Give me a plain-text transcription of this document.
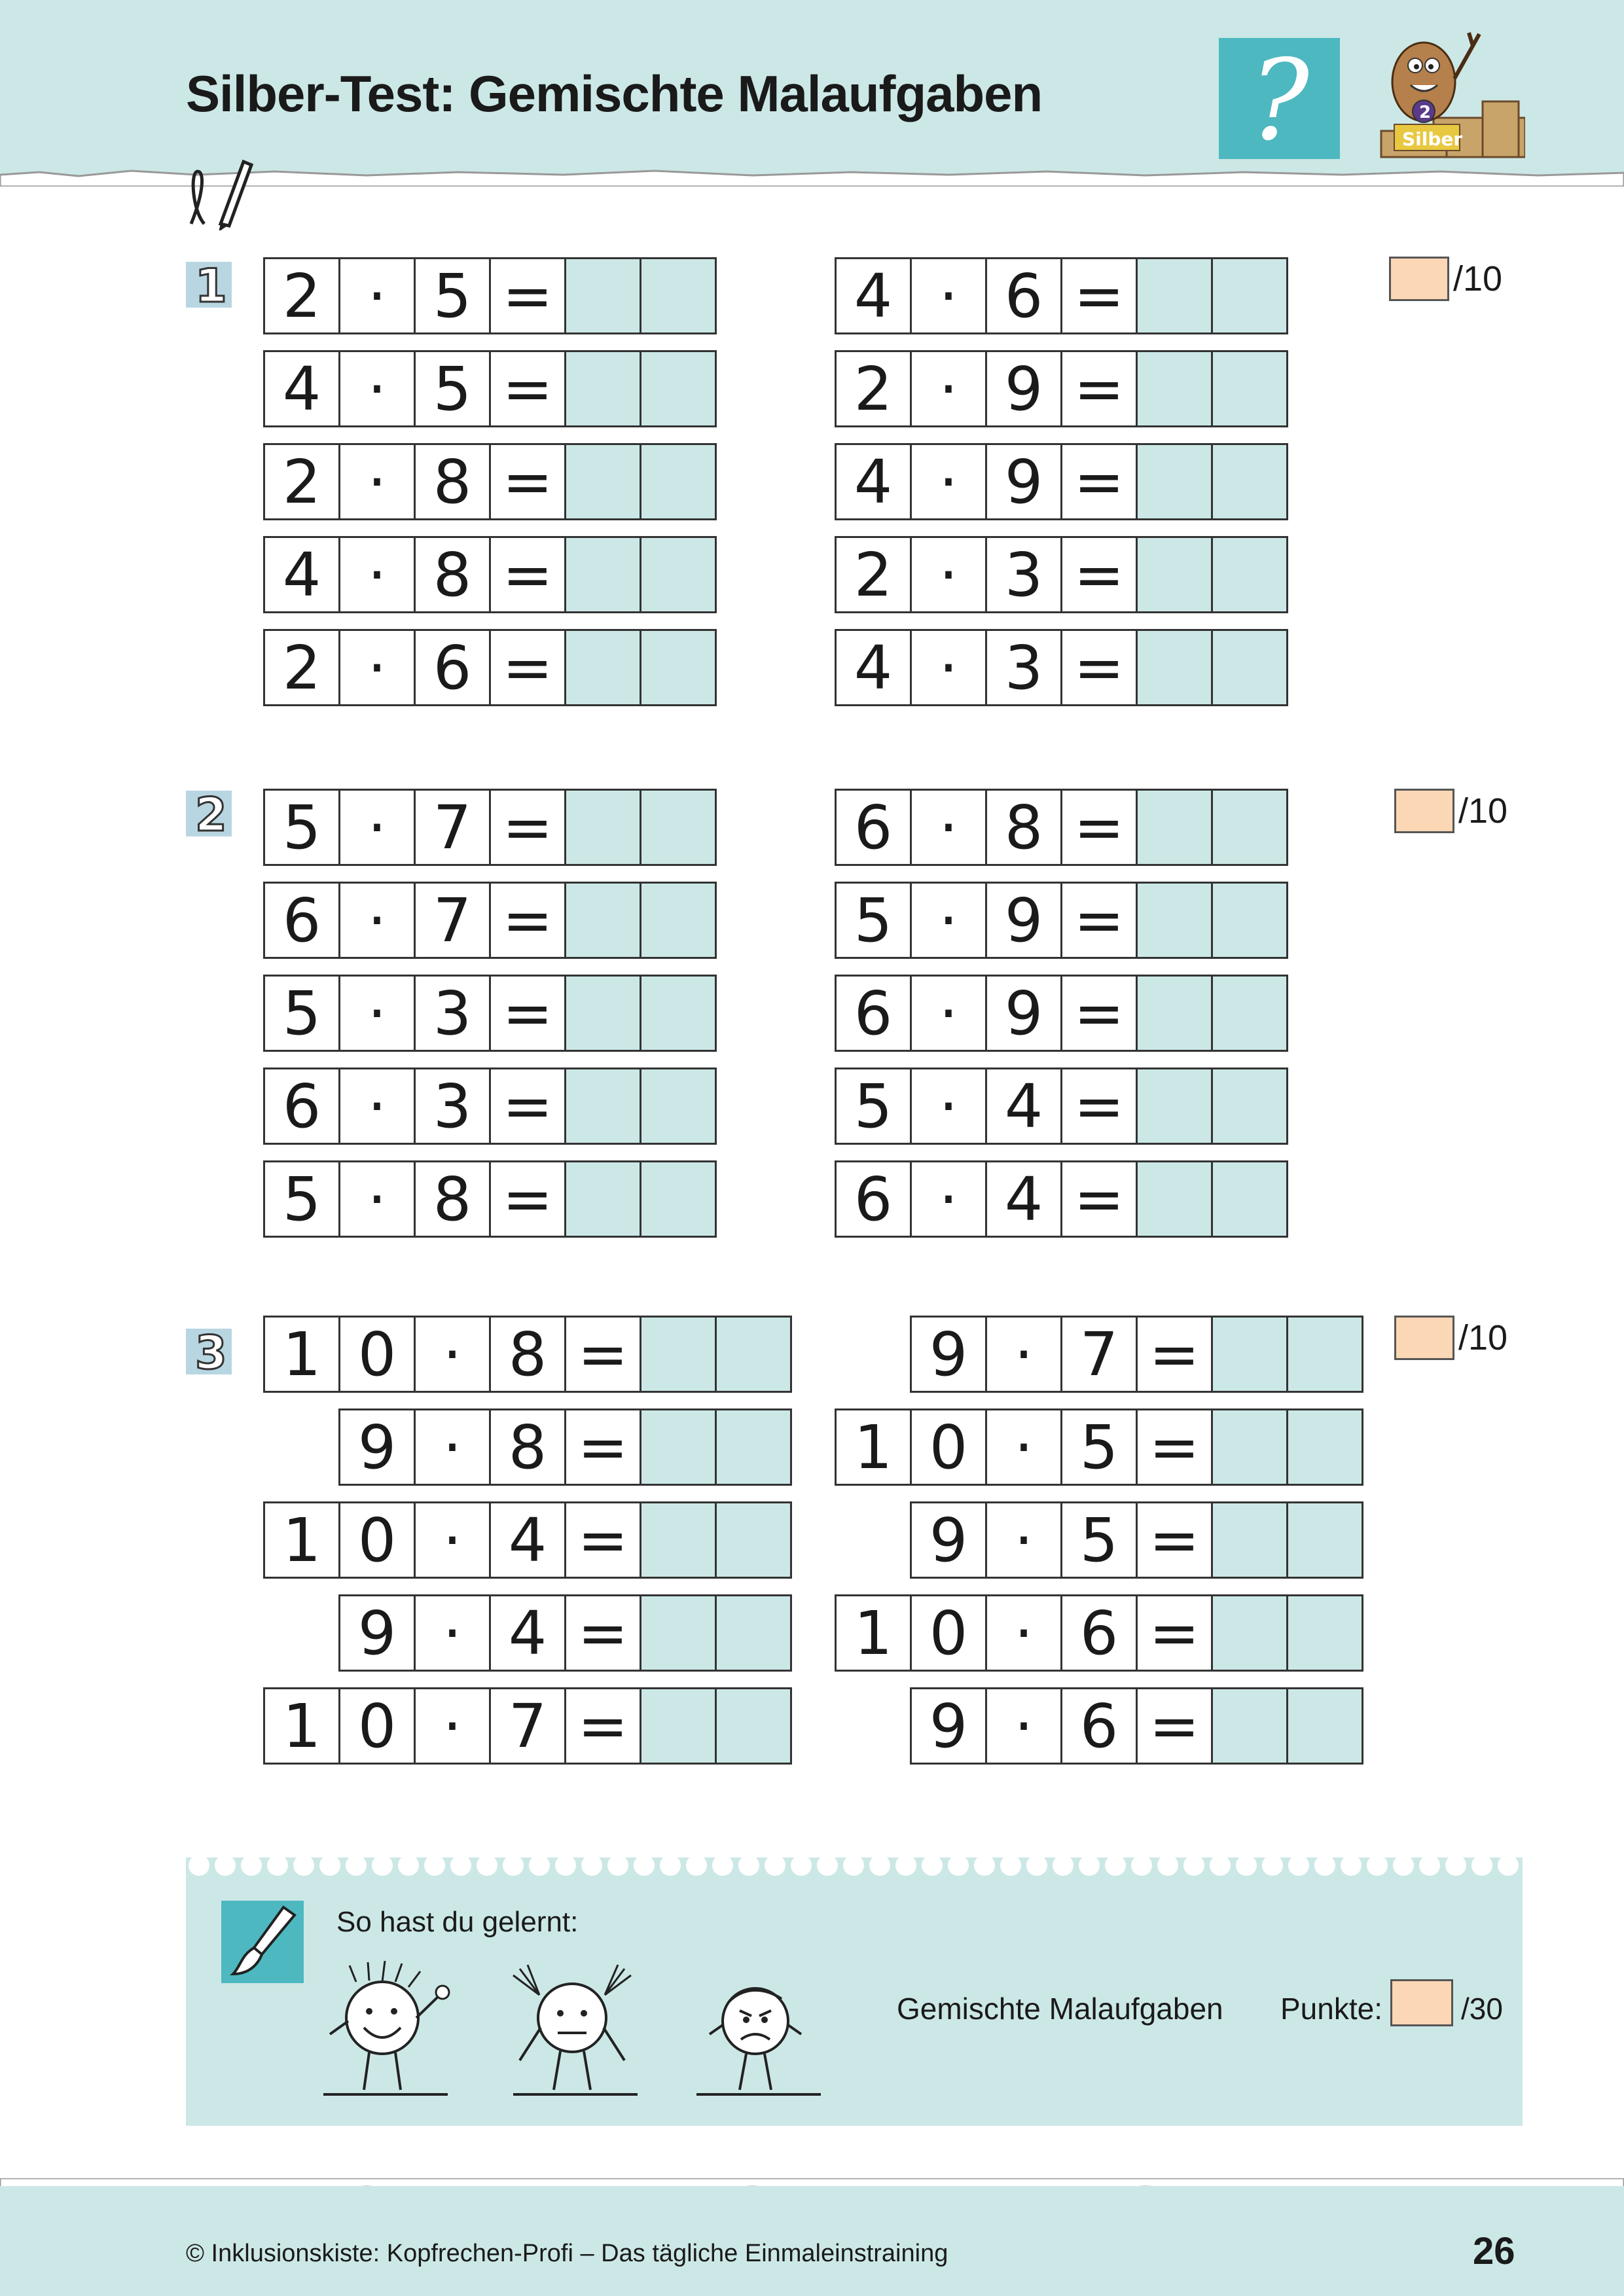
Silber-Test: Gemischte Malaufgaben ?	Silber
2
1	/10
2 · 5 =
4 · 5 =
2 · 8 =
4 · 8 =
2 · 6 =
4 · 6 =
2 · 9 =
4 · 9 =
2 · 3 =
4 · 3 =
2	/10
5 · 7 =
6 · 7 =
5 · 3 =
6 · 3 =
5 · 8 =
6 · 8 =
5 · 9 =
6 · 9 =
5 · 4 =
6 · 4 =
3	/10
1 0 · 8 =
9 · 8 =
1 0 · 4 =
9 · 4 =
1 0 · 7 =
9 · 7 =
1 0 · 5 =
9 · 5 =
1 0 · 6 =
9 · 6 =
So hast du gelernt:
Gemischte Malaufgaben Punkte:	/30
© Inklusionskiste: Kopfrechen-Profi – Das tägliche Einmaleinstraining	26
